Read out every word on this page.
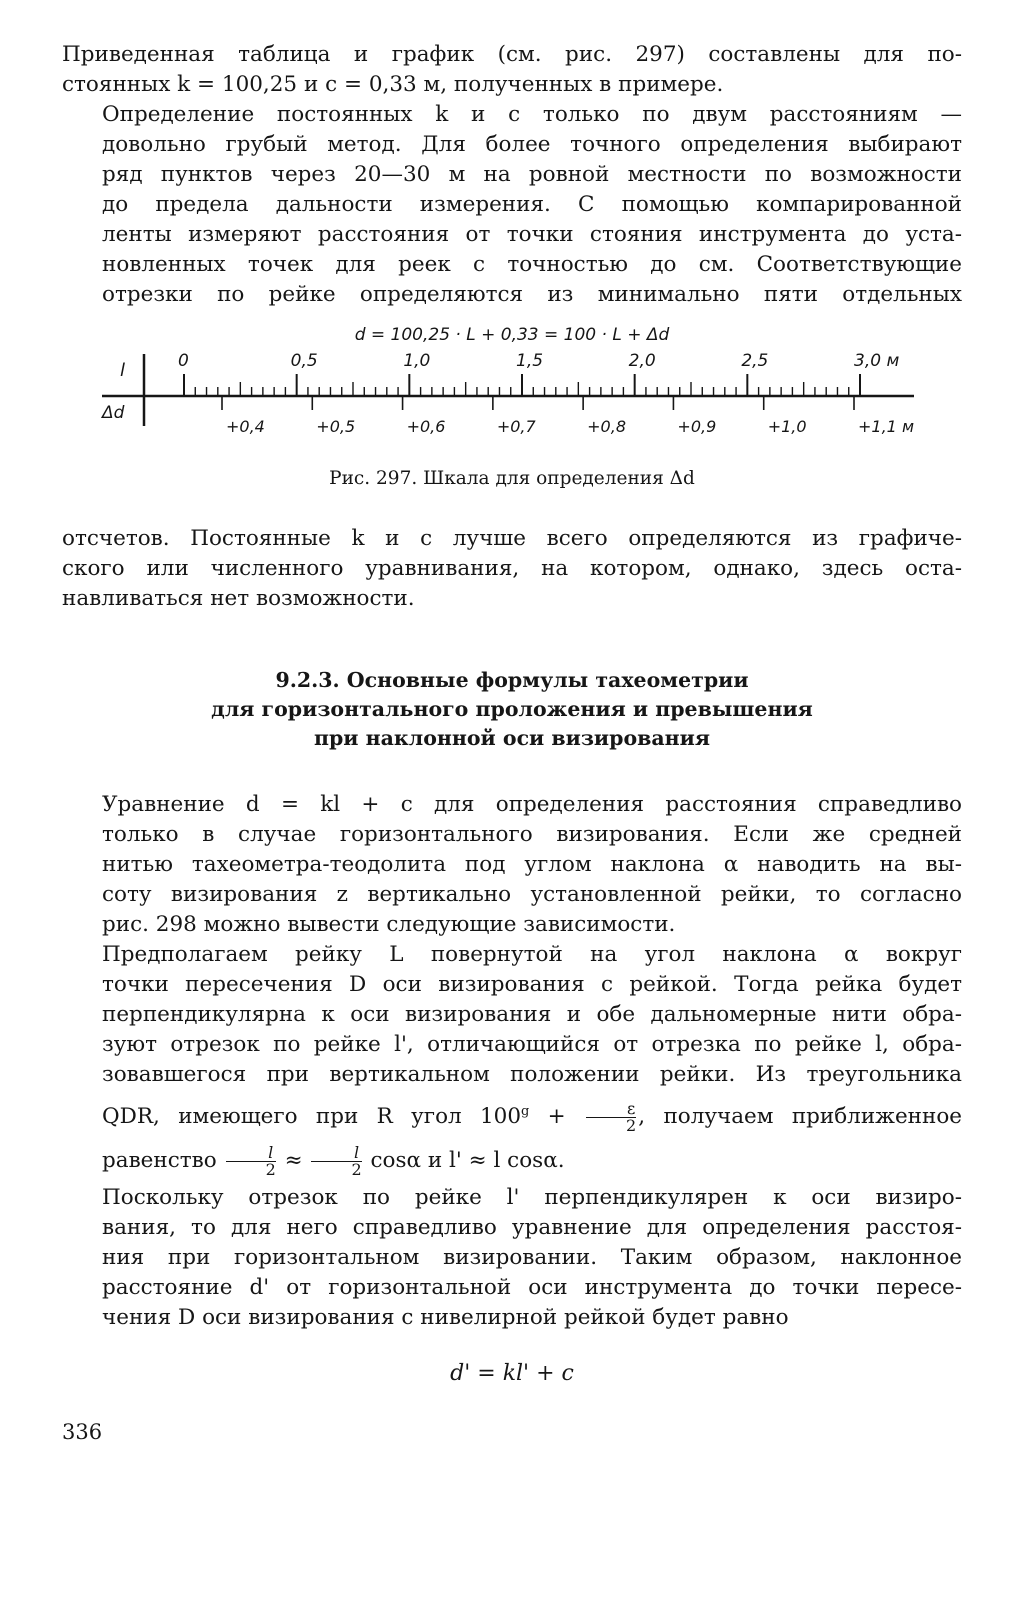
Приведенная таблица и график (см. рис. 297) составлены для по-
стоянных k = 100,25 и c = 0,33 м, полученных в примере.

Определение постоянных k и c только по двум расстояниям —
довольно грубый метод. Для более точного определения выбирают
ряд пунктов через 20—30 м на ровной местности по возможности
до предела дальности измерения. С помощью компарированной
ленты измеряют расстояния от точки стояния инструмента до уста-
новленных точек для реек с точностью до см. Соответствующие
отрезки по рейке определяются из минимально пяти отдельных

d = 100,25 · L + 0,33 = 100 · L + Δd
l
Δd
0	0,5	1,0	1,5	2,0	2,5	3,0 м
+0,4	+0,5	+0,6	+0,7	+0,8	+0,9	+1,0	+1,1 м
Рис. 297. Шкала для определения Δd

отсчетов. Постоянные k и c лучше всего определяются из графиче-
ского или численного уравнивания, на котором, однако, здесь оста-
навливаться нет возможности.

9.2.3. Основные формулы тахеометрии
для горизонтального проложения и превышения
при наклонной оси визирования

Уравнение d = kl + c для определения расстояния справедливо
только в случае горизонтального визирования. Если же средней
нитью тахеометра-теодолита под углом наклона α наводить на вы-
соту визирования z вертикально установленной рейки, то согласно
рис. 298 можно вывести следующие зависимости.

Предполагаем рейку L повернутой на угол наклона α вокруг
точки пересечения D оси визирования с рейкой. Тогда рейка будет
перпендикулярна к оси визирования и обе дальномерные нити обра-
зуют отрезок по рейке l', отличающийся от отрезка по рейке l, обра-
зовавшегося при вертикальном положении рейки. Из треугольника
QDR, имеющего при R угол $100^g + \frac{\varepsilon}{2}$ , получаем приближенное
равенство $\frac{l}{2} \approx \frac{l}{2}$ cosα и l' ≈ l cosα.

Поскольку отрезок по рейке l' перпендикулярен к оси визиро-
вания, то для него справедливо уравнение для определения расстоя-
ния при горизонтальном визировании. Таким образом, наклонное
расстояние d' от горизонтальной оси инструмента до точки пересе-
чения D оси визирования с нивелирной рейкой будет равно

d' = kl' + c
336
